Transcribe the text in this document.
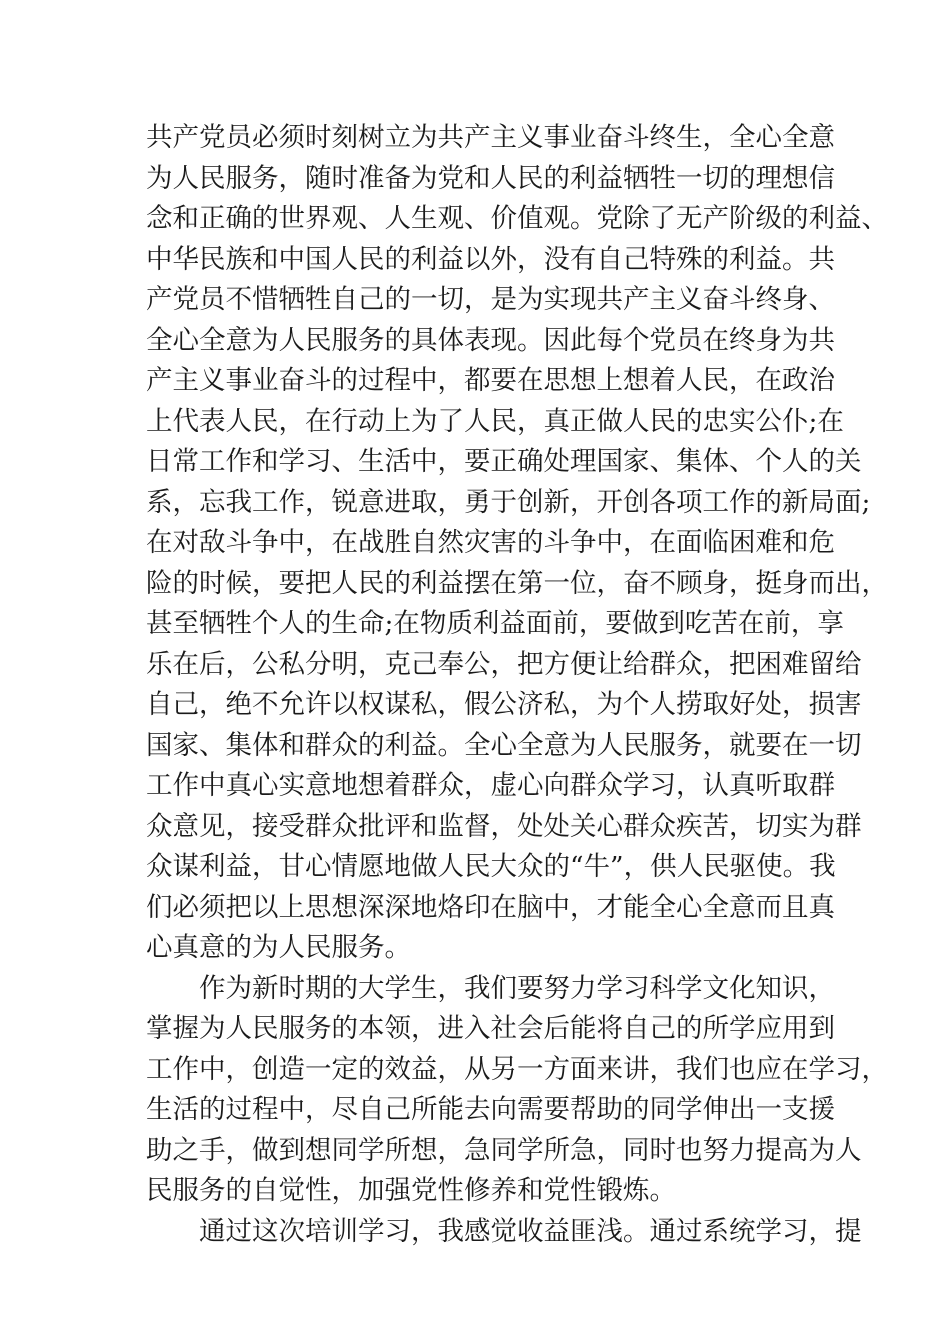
共产党员必须时刻树立为共产主义事业奋斗终生，全心全意
为人民服务，随时准备为党和人民的利益牺牲一切的理想信
念和正确的世界观、人生观、价值观。党除了无产阶级的利益、
中华民族和中国人民的利益以外，没有自己特殊的利益。共
产党员不惜牺牲自己的一切，是为实现共产主义奋斗终身、
全心全意为人民服务的具体表现。因此每个党员在终身为共
产主义事业奋斗的过程中，都要在思想上想着人民，在政治
上代表人民，在行动上为了人民，真正做人民的忠实公仆;在
日常工作和学习、生活中，要正确处理国家、集体、个人的关
系，忘我工作，锐意进取，勇于创新，开创各项工作的新局面;
在对敌斗争中，在战胜自然灾害的斗争中，在面临困难和危
险的时候，要把人民的利益摆在第一位，奋不顾身，挺身而出，
甚至牺牲个人的生命;在物质利益面前，要做到吃苦在前，享
乐在后，公私分明，克己奉公，把方便让给群众，把困难留给
自己，绝不允许以权谋私，假公济私，为个人捞取好处，损害
国家、集体和群众的利益。全心全意为人民服务，就要在一切
工作中真心实意地想着群众，虚心向群众学习，认真听取群
众意见，接受群众批评和监督，处处关心群众疾苦，切实为群
众谋利益，甘心情愿地做人民大众的“牛”，供人民驱使。我
们必须把以上思想深深地烙印在脑中，才能全心全意而且真
心真意的为人民服务。
作为新时期的大学生，我们要努力学习科学文化知识，
掌握为人民服务的本领，进入社会后能将自己的所学应用到
工作中，创造一定的效益，从另一方面来讲，我们也应在学习，
生活的过程中，尽自己所能去向需要帮助的同学伸出一支援
助之手，做到想同学所想，急同学所急，同时也努力提高为人
民服务的自觉性，加强党性修养和党性锻炼。
通过这次培训学习，我感觉收益匪浅。通过系统学习，提
